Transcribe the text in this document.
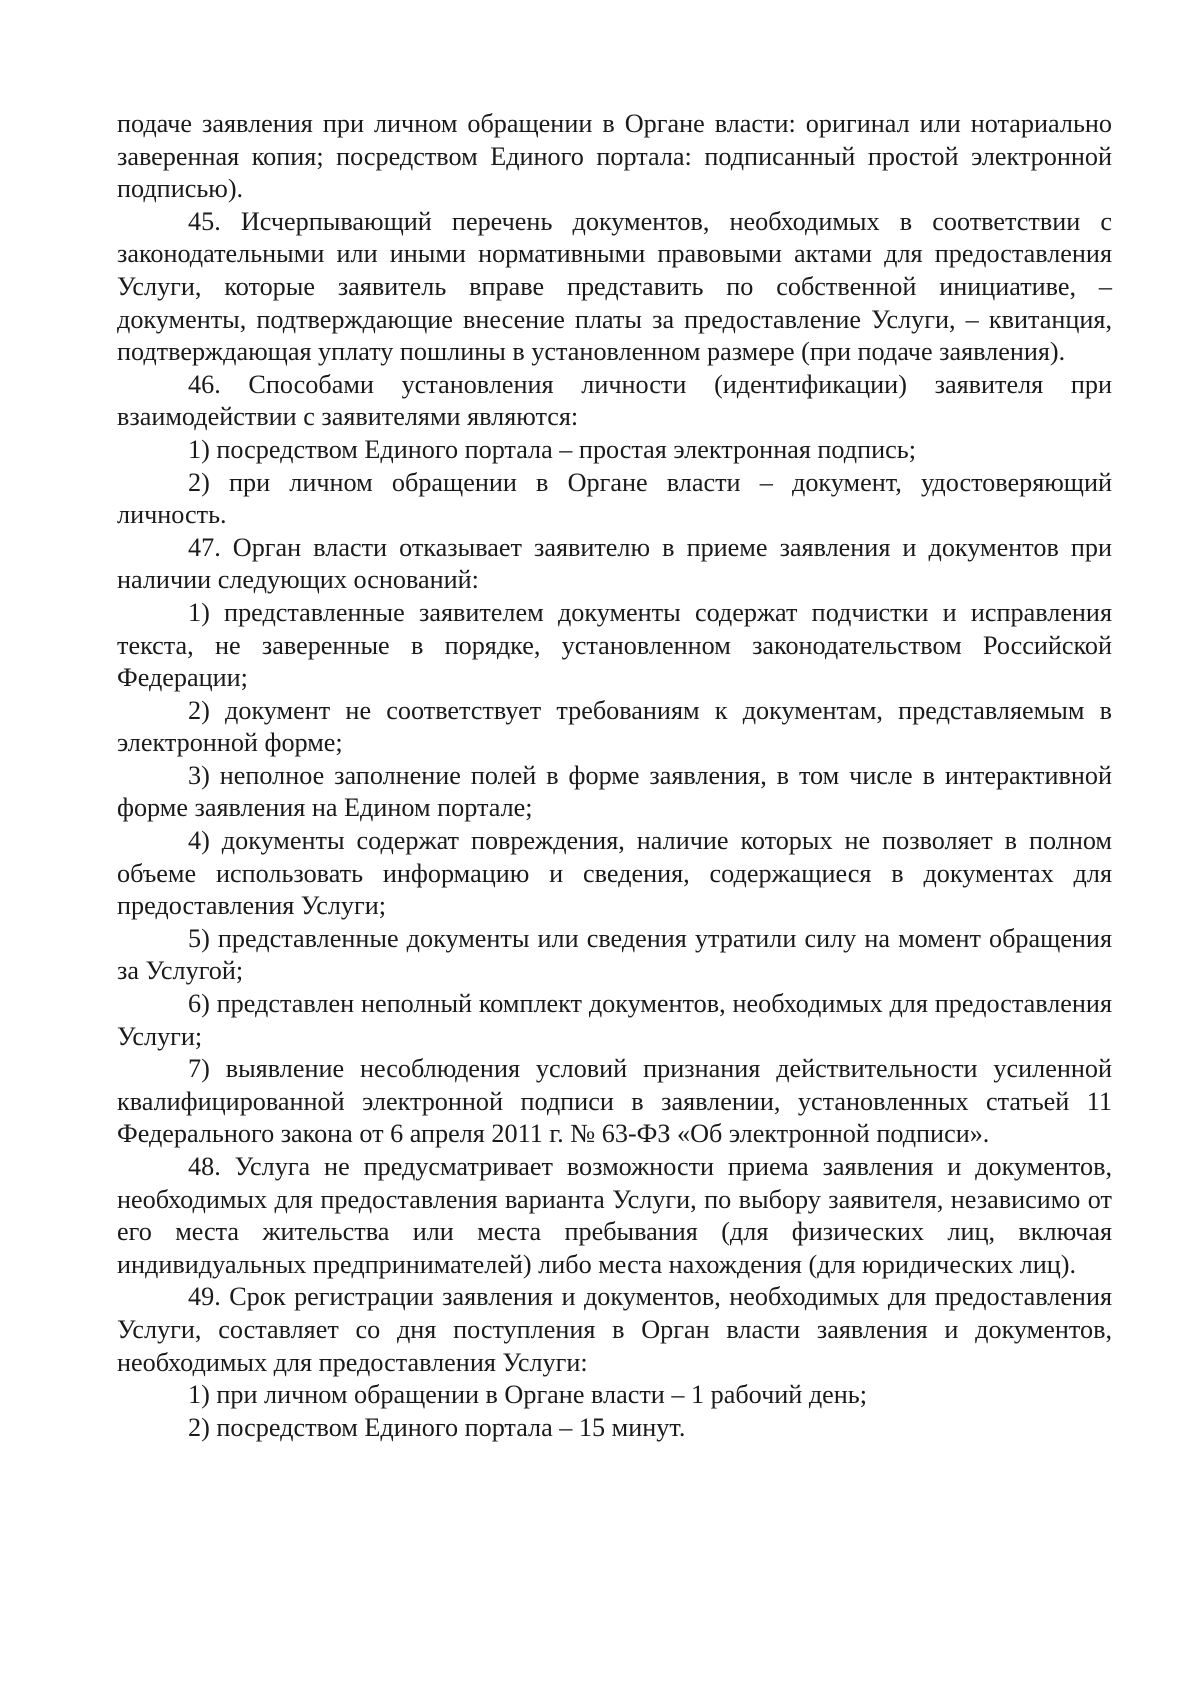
подаче заявления при личном обращении в Органе власти: оригинал или нотариально заверенная копия; посредством Единого портала: подписанный простой электронной подписью).

45. Исчерпывающий перечень документов, необходимых в соответствии с законодательными или иными нормативными правовыми актами для предоставления Услуги, которые заявитель вправе представить по собственной инициативе, – документы, подтверждающие внесение платы за предоставление Услуги, – квитанция, подтверждающая уплату пошлины в установленном размере (при подаче заявления).

46. Способами установления личности (идентификации) заявителя при взаимодействии с заявителями являются:

1) посредством Единого портала – простая электронная подпись;

2) при личном обращении в Органе власти – документ, удостоверяющий личность.

47. Орган власти отказывает заявителю в приеме заявления и документов при наличии следующих оснований:

1) представленные заявителем документы содержат подчистки и исправления текста, не заверенные в порядке, установленном законодательством Российской Федерации;

2) документ не соответствует требованиям к документам, представляемым в электронной форме;

3) неполное заполнение полей в форме заявления, в том числе в интерактивной форме заявления на Едином портале;

4) документы содержат повреждения, наличие которых не позволяет в полном объеме использовать информацию и сведения, содержащиеся в документах для предоставления Услуги;

5) представленные документы или сведения утратили силу на момент обращения за Услугой;

6) представлен неполный комплект документов, необходимых для предоставления Услуги;

7) выявление несоблюдения условий признания действительности усиленной квалифицированной электронной подписи в заявлении, установленных статьей 11 Федерального закона от 6 апреля 2011 г. № 63-ФЗ «Об электронной подписи».

48. Услуга не предусматривает возможности приема заявления и документов, необходимых для предоставления варианта Услуги, по выбору заявителя, независимо от его места жительства или места пребывания (для физических лиц, включая индивидуальных предпринимателей) либо места нахождения (для юридических лиц).

49. Срок регистрации заявления и документов, необходимых для предоставления Услуги, составляет со дня поступления в Орган власти заявления и документов, необходимых для предоставления Услуги:

1) при личном обращении в Органе власти – 1 рабочий день;

2) посредством Единого портала – 15 минут.
